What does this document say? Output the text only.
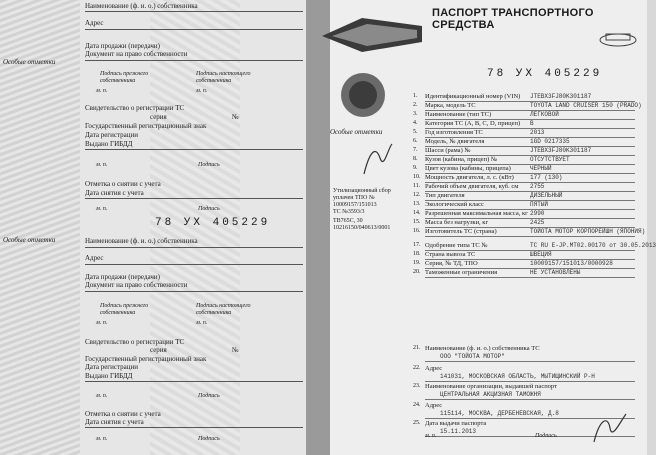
Особые отметки
Наименование (ф. и. о.) собственника
Адрес
Дата продажи (передачи)
Документ на право собственности
Подпись прежнего собственника
Подпись настоящего собственника
м. п.	м. п.
Свидетельство о регистрации ТС
серия	№
Государственный регистрационный знак
Дата регистрации
Выдано ГИБДД
м. п.	Подпись
Отметка о снятии с учета
Дата снятия с учета
м. п.	Подпись
78 УХ 405229
Особые отметки	Наименование (ф. и. о.) собственника
Адрес
Дата продажи (передачи)
Документ на право собственности
Подпись прежнего собственника
Подпись настоящего собственника
м. п.	м. п.
Свидетельство о регистрации ТС
серия	№
Государственный регистрационный знак
Дата регистрации
Выдано ГИБДД
м. п.	Подпись
Отметка о снятии с учета
Дата снятия с учета
м. п.	Подпись
ПАСПОРТ ТРАНСПОРТНОГО СРЕДСТВА
78 УХ 405229
Особые отметки
Утилизационный сбор
уплачен ТПО №
10009157/151013
ТС №3593/3
ТВ765С, 30
10216150/040613/0001
1. Идентификационный номер (VIN) JTEBX3FJ80K301187
2. Марка, модель ТС	TOYOTA LAND CRUISER 150 (PRADO)
3. Наименование (тип ТС)	ЛЕГКОВОЙ
4. Категория ТС (A, B, C, D, прицеп) B
5. Год изготовления ТС	2013
6. Модель, № двигателя	1GD 0217335
7. Шасси (рама) №	JTEBX3FJ80K301187
8. Кузов (кабина, прицеп) №	ОТСУТСТВУЕТ
9. Цвет кузова (кабины, прицепа)	ЧЕРНЫЙ
10. Мощность двигателя, л. с. (кВт)	177 (130)
11. Рабочий объем двигателя, куб. см 2755
12. Тип двигателя	ДИЗЕЛЬНЫЙ
13. Экологический класс	ПЯТЫЙ
14. Разрешенная максимальная масса, кг 2990
15. Масса без нагрузки, кг	2425
16. Изготовитель ТС (страна)	ТОЙОТА МОТОР КОРПОРЕЙШН (ЯПОНИЯ)
17. Одобрение типа ТС №	ТС RU E-JP.МТ02.00170 от 30.05.2013
18. Страна вывоза ТС	ШВЕЦИЯ
19. Серия, № ТД, ТПО	10009157/151013/0000928
20. Таможенные ограничения	НЕ УСТАНОВЛЕНЫ
21. Наименование (ф. и. о.) собственника ТС
ООО "ТОЙОТА МОТОР"
22. Адрес
141031, МОСКОВСКАЯ ОБЛАСТЬ, МЫТИЩИНСКИЙ Р-Н
23. Наименование организации, выдавшей паспорт
ЦЕНТРАЛЬНАЯ АКЦИЗНАЯ ТАМОЖНЯ
24. Адрес
115114, МОСКВА, ДЕРБЕНЕВСКАЯ, Д.8
25. Дата выдачи паспорта
15.11.2013
м. п.	Подпись
